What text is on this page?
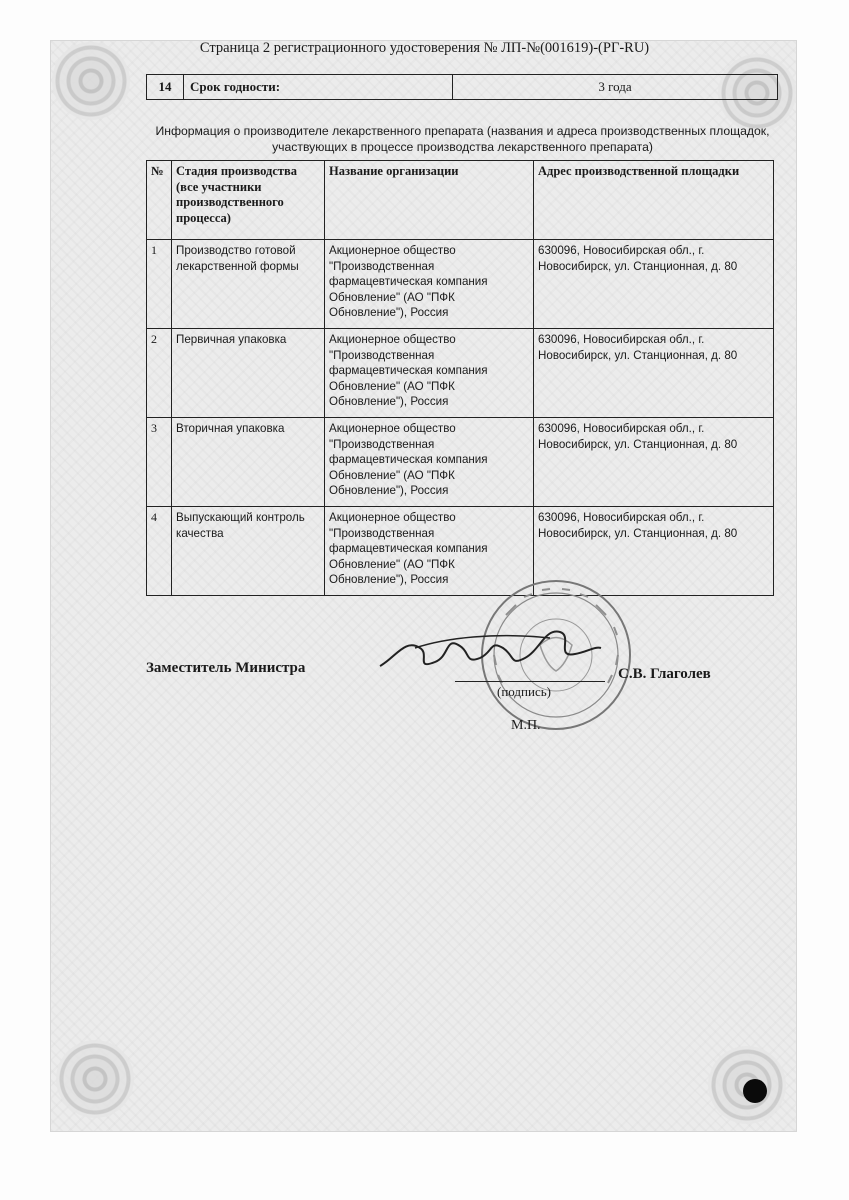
Страница 2 регистрационного удостоверения № ЛП-№(001619)-(РГ-RU)
14	Срок годности:	3 года
Информация о производителе лекарственного препарата (названия и адреса производственных площадок,
участвующих в процессе производства лекарственного препарата)
№	Стадия производства (все участники производственного процесса)	Название организации	Адрес производственной площадки
1	Производство готовой лекарственной формы	Акционерное общество "Производственная фармацевтическая компания Обновление" (АО "ПФК Обновление"), Россия	630096, Новосибирская обл., г. Новосибирск, ул. Станционная, д. 80
2	Первичная упаковка	Акционерное общество "Производственная фармацевтическая компания Обновление" (АО "ПФК Обновление"), Россия	630096, Новосибирская обл., г. Новосибирск, ул. Станционная, д. 80
3	Вторичная упаковка	Акционерное общество "Производственная фармацевтическая компания Обновление" (АО "ПФК Обновление"), Россия	630096, Новосибирская обл., г. Новосибирск, ул. Станционная, д. 80
4	Выпускающий контроль качества	Акционерное общество "Производственная фармацевтическая компания Обновление" (АО "ПФК Обновление"), Россия	630096, Новосибирская обл., г. Новосибирск, ул. Станционная, д. 80
Заместитель Министра	С.В. Глаголев
(подпись)
М.П.
